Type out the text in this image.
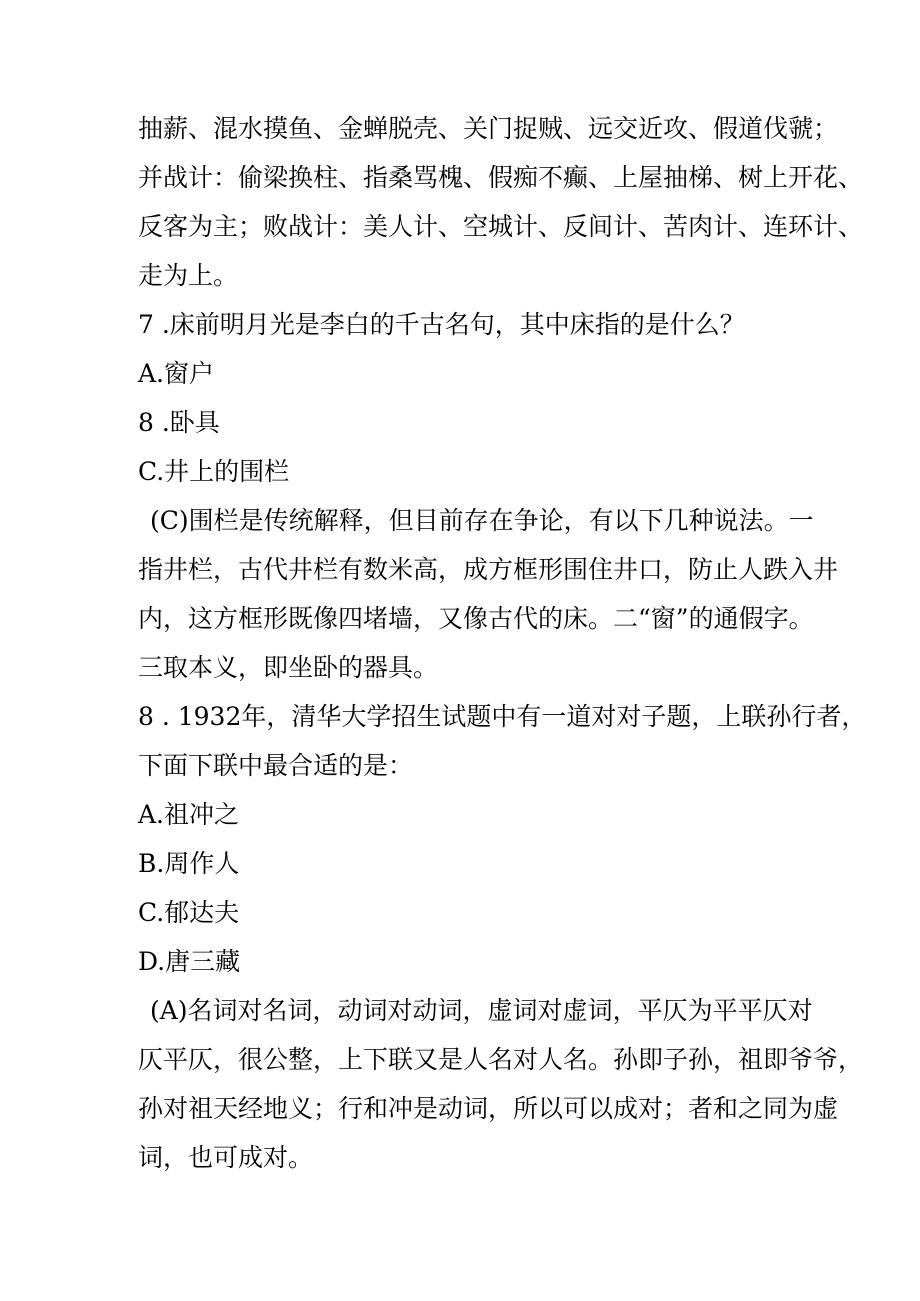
抽薪、混水摸鱼、金蝉脱壳、关门捉贼、远交近攻、假道伐虢；
并战计：偷梁换柱、指桑骂槐、假痴不癫、上屋抽梯、树上开花、
反客为主；败战计：美人计、空城计、反间计、苦肉计、连环计、
走为上。
7 .床前明月光是李白的千古名句，其中床指的是什么？
A.窗户
8 .卧具
C.井上的围栏
(C)围栏是传统解释，但目前存在争论，有以下几种说法。一
指井栏，古代井栏有数米高，成方框形围住井口，防止人跌入井
内，这方框形既像四堵墙，又像古代的床。二“窗”的通假字。
三取本义，即坐卧的器具。
8 . 1932年，清华大学招生试题中有一道对对子题，上联孙行者，
下面下联中最合适的是：
A.祖冲之
B.周作人
C.郁达夫
D.唐三藏
(A)名词对名词，动词对动词，虚词对虚词，平仄为平平仄对
仄平仄，很公整，上下联又是人名对人名。孙即子孙，祖即爷爷，
孙对祖天经地义；行和冲是动词，所以可以成对；者和之同为虚
词，也可成对。
